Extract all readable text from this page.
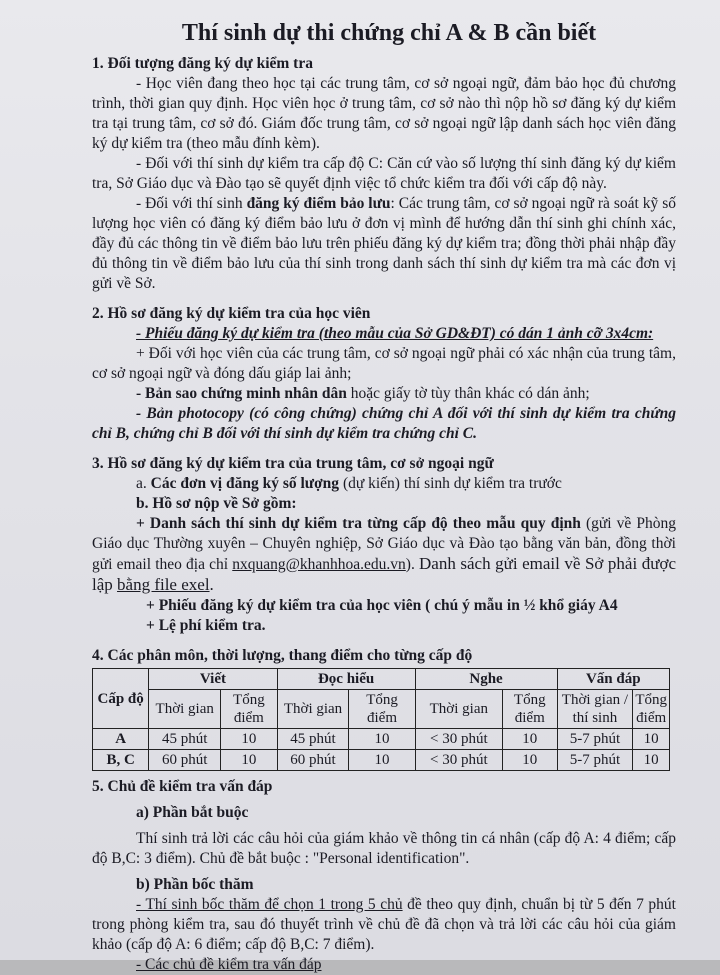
Thí sinh dự thi chứng chỉ A & B cần biết
1. Đối tượng đăng ký dự kiểm tra

- Học viên đang theo học tại các trung tâm, cơ sở ngoại ngữ, đảm bảo học đủ chương trình, thời gian quy định. Học viên học ở trung tâm, cơ sở nào thì nộp hồ sơ đăng ký dự kiểm tra tại trung tâm, cơ sở đó. Giám đốc trung tâm, cơ sở ngoại ngữ lập danh sách học viên đăng ký dự kiểm tra (theo mẫu đính kèm).

- Đối với thí sinh dự kiểm tra cấp độ C: Căn cứ vào số lượng thí sinh đăng ký dự kiểm tra, Sở Giáo dục và Đào tạo sẽ quyết định việc tổ chức kiểm tra đối với cấp độ này.

- Đối với thí sinh đăng ký điểm bảo lưu: Các trung tâm, cơ sở ngoại ngữ rà soát kỹ số lượng học viên có đăng ký điểm bảo lưu ở đơn vị mình để hướng dẫn thí sinh ghi chính xác, đầy đủ các thông tin về điểm bảo lưu trên phiếu đăng ký dự kiểm tra; đồng thời phải nhập đầy đủ thông tin về điểm bảo lưu của thí sinh trong danh sách thí sinh dự kiểm tra mà các đơn vị gửi về Sở.

2. Hồ sơ đăng ký dự kiểm tra của học viên

- Phiếu đăng ký dự kiểm tra (theo mẫu của Sở GD&ĐT) có dán 1 ảnh cỡ 3x4cm:

+ Đối với học viên của các trung tâm, cơ sở ngoại ngữ phải có xác nhận của trung tâm, cơ sở ngoại ngữ và đóng dấu giáp lai ảnh;

- Bản sao chứng minh nhân dân hoặc giấy tờ tùy thân khác có dán ảnh;

- Bản photocopy (có công chứng) chứng chỉ A đối với thí sinh dự kiểm tra chứng chỉ B, chứng chỉ B đối với thí sinh dự kiểm tra chứng chỉ C.

3. Hồ sơ đăng ký dự kiểm tra của trung tâm, cơ sở ngoại ngữ

a. Các đơn vị đăng ký số lượng (dự kiến) thí sinh dự kiểm tra trước

b. Hồ sơ nộp về Sở gồm:

+ Danh sách thí sinh dự kiểm tra từng cấp độ theo mẫu quy định (gửi về Phòng Giáo dục Thường xuyên – Chuyên nghiệp, Sở Giáo dục và Đào tạo bằng văn bản, đồng thời gửi email theo địa chỉ nxquang@khanhhoa.edu.vn). Danh sách gửi email về Sở phải được lập bằng file exel.

+ Phiếu đăng ký dự kiểm tra của học viên ( chú ý mẫu in ½ khổ giáy A4

+ Lệ phí kiểm tra.

4. Các phân môn, thời lượng, thang điểm cho từng cấp độ
Cấp độ	Viết		Đọc hiểu		Nghe		Vấn đáp	
	Thời gian	Tổng điểm	Thời gian	Tổng điểm	Thời gian	Tổng điểm	Thời gian / thí sinh	Tổng điểm
A	45 phút	10	45 phút	10	< 30 phút	10	5-7 phút	10
B, C	60 phút	10	60 phút	10	< 30 phút	10	5-7 phút	10
5. Chủ đề kiểm tra vấn đáp

a) Phần bắt buộc

Thí sinh trả lời các câu hỏi của giám khảo về thông tin cá nhân (cấp độ A: 4 điểm; cấp độ B,C: 3 điểm). Chủ đề bắt buộc : "Personal identification".

b) Phần bốc thăm

- Thí sinh bốc thăm để chọn 1 trong 5 chủ đề theo quy định, chuẩn bị từ 5 đến 7 phút trong phòng kiểm tra, sau đó thuyết trình về chủ đề đã chọn và trả lời các câu hỏi của giám khảo (cấp độ A: 6 điểm; cấp độ B,C: 7 điểm).

- Các chủ đề kiểm tra vấn đáp
